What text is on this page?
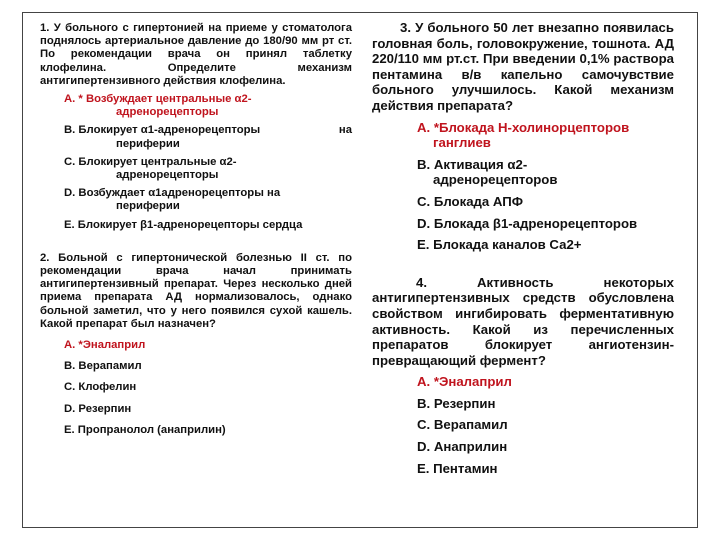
1. У больного с гипертонией на приеме у стоматолога поднялось артериальное давление до 180/90 мм рт ст. По рекомендации врача он принял таблетку клофелина. Определите механизм антигипертензивного действия клофелина.

A. * Возбуждает центральные α2-
адренорецепторы
B. Блокирует α1-адренорецепторы	на
периферии
C. Блокирует центральные α2-
адренорецепторы
D. Возбуждает α1адренорецепторы на
периферии
E. Блокирует β1-адренорецепторы сердца

2. Больной с гипертонической болезнью II ст. по рекомендации врача начал принимать антигипертензивный препарат. Через несколько дней приема препарата АД нормализовалось, однако больной заметил, что у него появился сухой кашель. Какой препарат был назначен?

A. *Эналаприл
B. Верапамил
C. Клофелин
D. Резерпин
E. Пропранолол (анаприлин)

3. У больного 50 лет внезапно появилась головная боль, головокружение, тошнота. АД 220/110 мм рт.ст. При введении 0,1% раствора пентамина в/в капельно самочувствие больного улучшилось. Какой механизм действия препарата?

A. *Блокада Н-холинорцепторов
ганглиев
B. Активация α2-
адренорецепторов
C. Блокада АПФ
D. Блокада β1-адренорецепторов
E. Блокада каналов Са2+

4. Активность некоторых антигипертензивных средств обусловлена свойством ингибировать ферментативную активность. Какой из перечисленных препаратов блокирует ангиотензин-превращающий фермент?

A. *Эналаприл
B. Резерпин
C. Верапамил
D. Анаприлин
E. Пентамин
